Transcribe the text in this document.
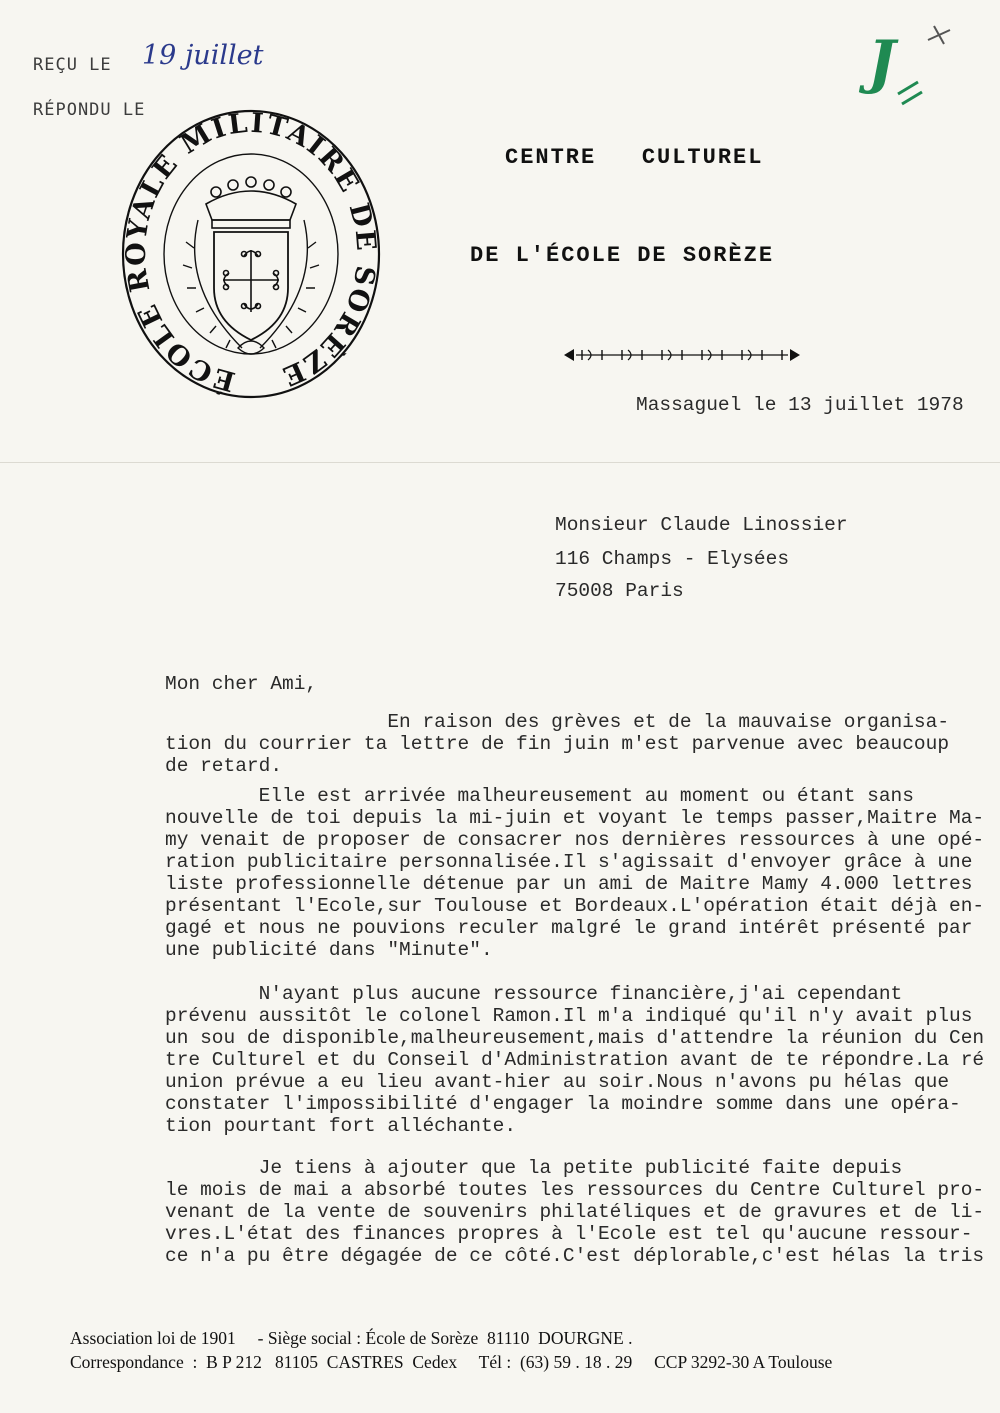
REÇU LE 19 juillet
RÉPONDU LE
J
ÉCOLE ROYALE MILITAIRE DE SORÈZE
CENTRE   CULTUREL
DE L'ÉCOLE DE SORÈZE
Massaguel le 13 juillet 1978
Monsieur Claude Linossier
116 Champs - Elysées
75008 Paris
Mon cher Ami,
En raison des grèves et de la mauvaise organisa-
tion du courrier ta lettre de fin juin m'est parvenue avec beaucoup
de retard.
Elle est arrivée malheureusement au moment ou étant sans
nouvelle de toi depuis la mi-juin et voyant le temps passer,Maitre Ma-
my venait de proposer de consacrer nos dernières ressources à une opé-
ration publicitaire personnalisée.Il s'agissait d'envoyer grâce à une
liste professionnelle détenue par un ami de Maitre Mamy 4.000 lettres
présentant l'Ecole,sur Toulouse et Bordeaux.L'opération était déjà en-
gagé et nous ne pouvions reculer malgré le grand intérêt présenté par
une publicité dans "Minute".
N'ayant plus aucune ressource financière,j'ai cependant
prévenu aussitôt le colonel Ramon.Il m'a indiqué qu'il n'y avait plus
un sou de disponible,malheureusement,mais d'attendre la réunion du Cen
tre Culturel et du Conseil d'Administration avant de te répondre.La ré
union prévue a eu lieu avant-hier au soir.Nous n'avons pu hélas que
constater l'impossibilité d'engager la moindre somme dans une opéra-
tion pourtant fort alléchante.
Je tiens à ajouter que la petite publicité faite depuis
le mois de mai a absorbé toutes les ressources du Centre Culturel pro-
venant de la vente de souvenirs philatéliques et de gravures et de li-
vres.L'état des finances propres à l'Ecole est tel qu'aucune ressour-
ce n'a pu être dégagée de ce côté.C'est déplorable,c'est hélas la tris
Association loi de 1901     - Siège social : École de Sorèze  81110  DOURGNE .
Correspondance  :  B P 212   81105  CASTRES  Cedex     Tél :  (63) 59 . 18 . 29     CCP 3292-30 A Toulouse
